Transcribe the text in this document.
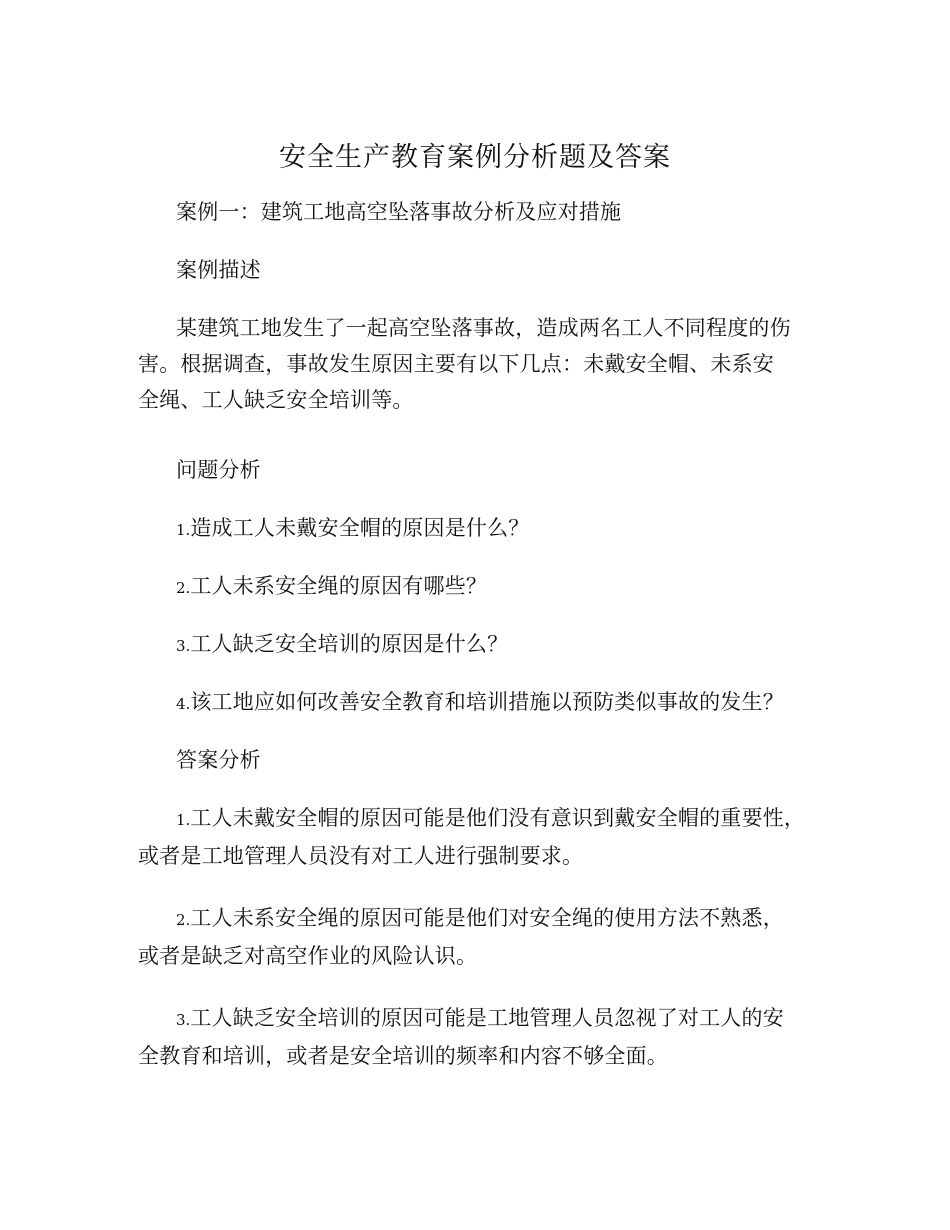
安全生产教育案例分析题及答案
案例一：建筑工地高空坠落事故分析及应对措施
案例描述
某建筑工地发生了一起高空坠落事故，造成两名工人不同程度的伤
害。根据调查，事故发生原因主要有以下几点：未戴安全帽、未系安
全绳、工人缺乏安全培训等。
问题分析
1.造成工人未戴安全帽的原因是什么？
2.工人未系安全绳的原因有哪些？
3.工人缺乏安全培训的原因是什么？
4.该工地应如何改善安全教育和培训措施以预防类似事故的发生？
答案分析
1.工人未戴安全帽的原因可能是他们没有意识到戴安全帽的重要性，
或者是工地管理人员没有对工人进行强制要求。
2.工人未系安全绳的原因可能是他们对安全绳的使用方法不熟悉，
或者是缺乏对高空作业的风险认识。
3.工人缺乏安全培训的原因可能是工地管理人员忽视了对工人的安
全教育和培训，或者是安全培训的频率和内容不够全面。
